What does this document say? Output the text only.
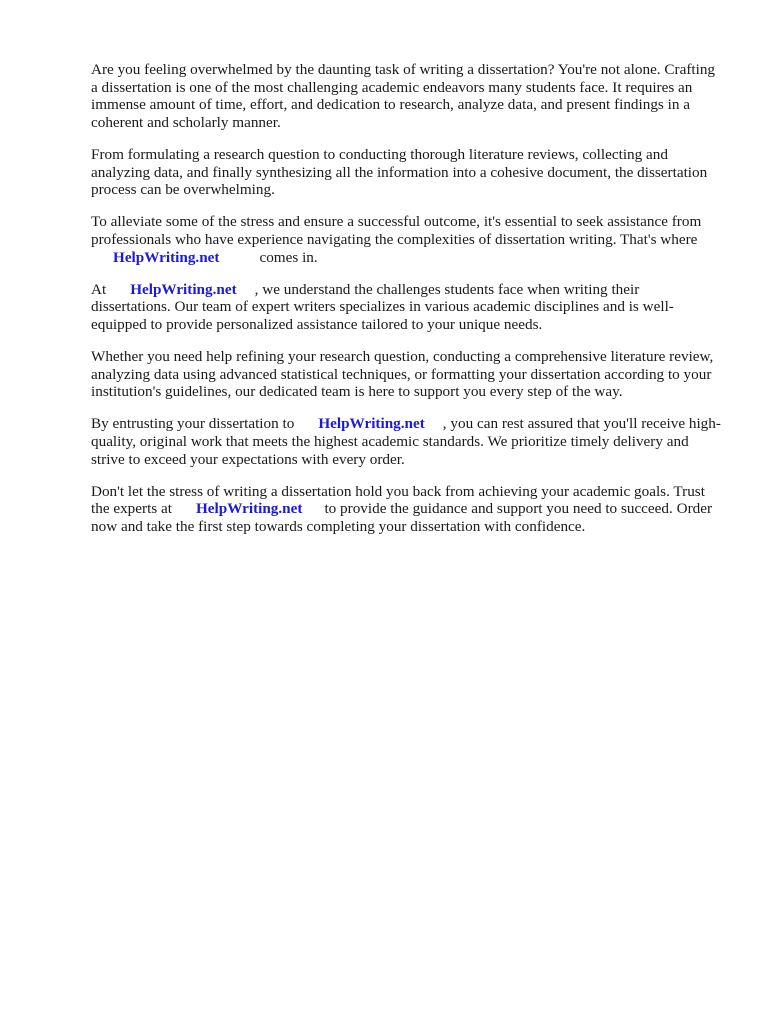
Are you feeling overwhelmed by the daunting task of writing a dissertation? You're not alone. Crafting a dissertation is one of the most challenging academic endeavors many students face. It requires an immense amount of time, effort, and dedication to research, analyze data, and present findings in a coherent and scholarly manner.

From formulating a research question to conducting thorough literature reviews, collecting and analyzing data, and finally synthesizing all the information into a cohesive document, the dissertation process can be overwhelming.

To alleviate some of the stress and ensure a successful outcome, it's essential to seek assistance from professionals who have experience navigating the complexities of dissertation writing. That's where
HelpWriting.net	comes in.

At HelpWriting.net , we understand the challenges students face when writing their dissertations. Our team of expert writers specializes in various academic disciplines and is well-equipped to provide personalized assistance tailored to your unique needs.

Whether you need help refining your research question, conducting a comprehensive literature review, analyzing data using advanced statistical techniques, or formatting your dissertation according to your institution's guidelines, our dedicated team is here to support you every step of the way.

By entrusting your dissertation to HelpWriting.net , you can rest assured that you'll receive high-quality, original work that meets the highest academic standards. We prioritize timely delivery and strive to exceed your expectations with every order.

Don't let the stress of writing a dissertation hold you back from achieving your academic goals. Trust the experts at HelpWriting.net to provide the guidance and support you need to succeed. Order now and take the first step towards completing your dissertation with confidence.
